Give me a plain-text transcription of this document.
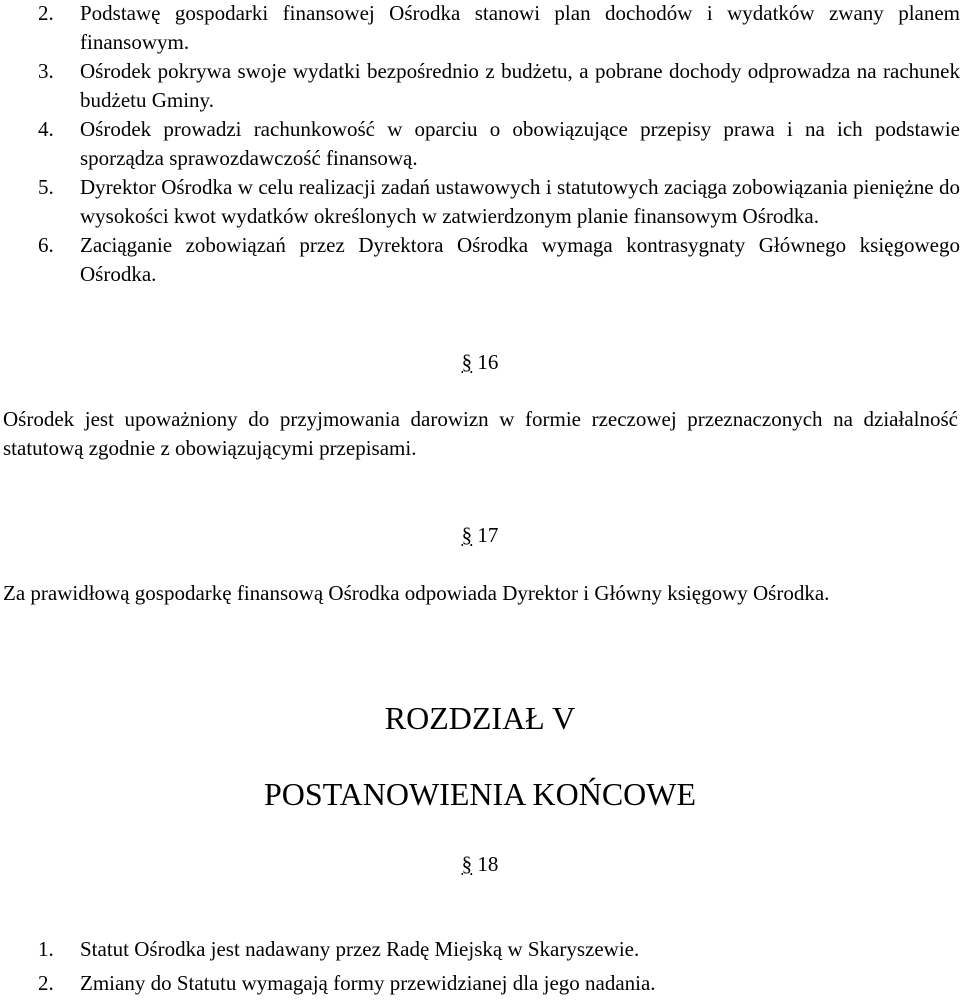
2.	Podstawę gospodarki finansowej Ośrodka stanowi plan dochodów i wydatków zwany planem finansowym.
3.	Ośrodek pokrywa swoje wydatki bezpośrednio z budżetu, a pobrane dochody odprowadza na rachunek budżetu Gminy.
4.	Ośrodek prowadzi rachunkowość w oparciu o obowiązujące przepisy prawa i na ich podstawie sporządza sprawozdawczość finansową.
5.	Dyrektor Ośrodka w celu realizacji zadań ustawowych i statutowych zaciąga zobowiązania pieniężne do wysokości kwot wydatków określonych w zatwierdzonym planie finansowym Ośrodka.
6.	Zaciąganie zobowiązań przez Dyrektora Ośrodka wymaga kontrasygnaty Głównego księgowego Ośrodka.
§ 16

Ośrodek jest upoważniony do przyjmowania darowizn w formie rzeczowej przeznaczonych na działalność statutową zgodnie z obowiązującymi przepisami.

§ 17

Za prawidłową gospodarkę finansową Ośrodka odpowiada Dyrektor i Główny księgowy Ośrodka.

ROZDZIAŁ V
POSTANOWIENIA KOŃCOWE
§ 18
1.	Statut Ośrodka jest nadawany przez Radę Miejską w Skaryszewie.
2.	Zmiany do Statutu wymagają formy przewidzianej dla jego nadania.
